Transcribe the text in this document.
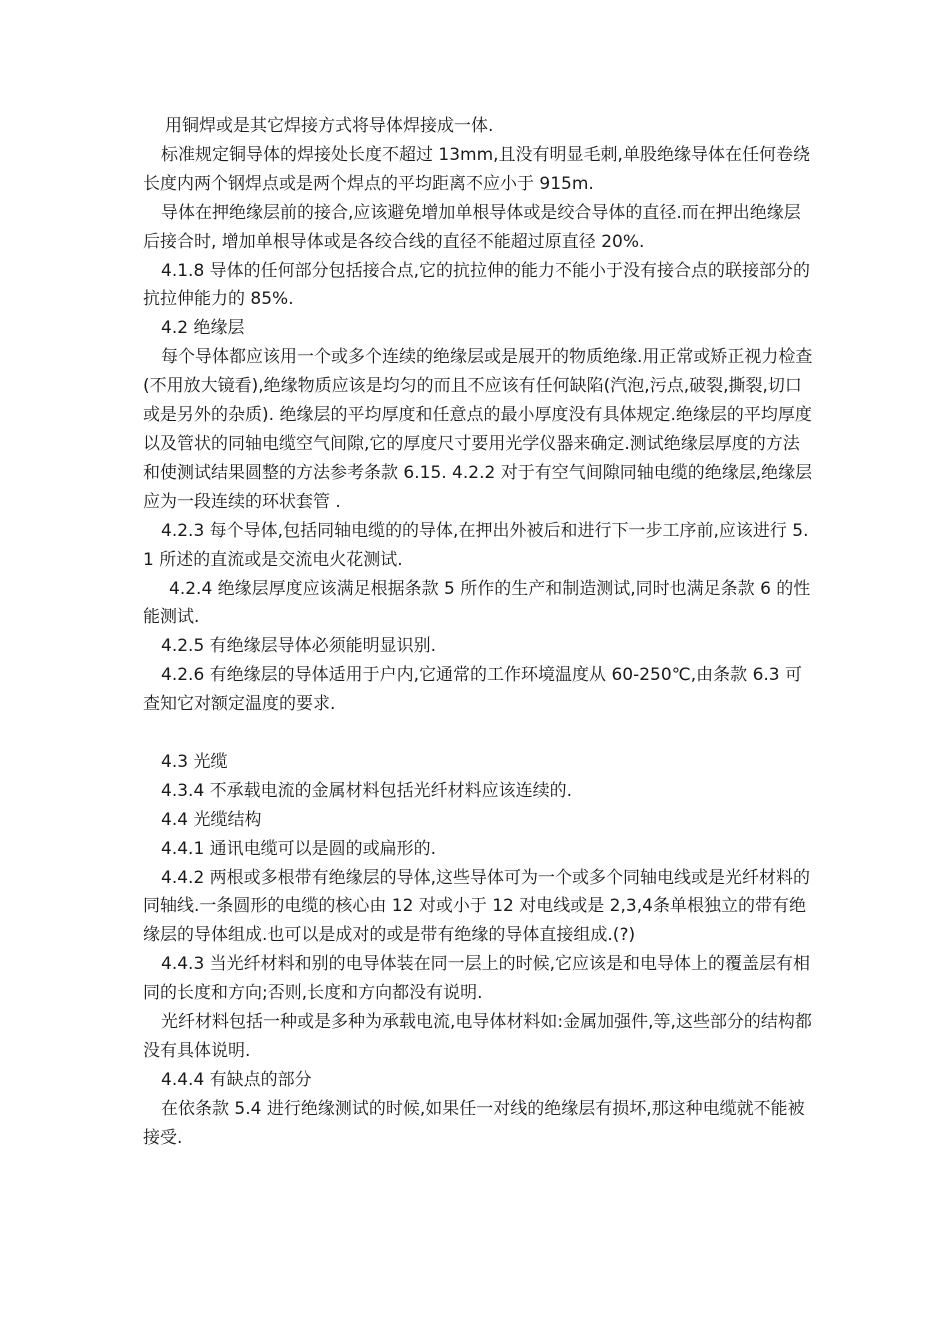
用铜焊或是其它焊接方式将导体焊接成一体.

标准规定铜导体的焊接处长度不超过 13mm,且没有明显毛刺,单股绝缘导体在任何卷绕长度内两个钢焊点或是两个焊点的平均距离不应小于 915m.

导体在押绝缘层前的接合,应该避免增加单根导体或是绞合导体的直径.而在押出绝缘层后接合时, 增加单根导体或是各绞合线的直径不能超过原直径 20%.

4.1.8 导体的任何部分包括接合点,它的抗拉伸的能力不能小于没有接合点的联接部分的抗拉伸能力的 85%.

4.2 绝缘层

每个导体都应该用一个或多个连续的绝缘层或是展开的物质绝缘.用正常或矫正视力检查(不用放大镜看),绝缘物质应该是均匀的而且不应该有任何缺陷(汽泡,污点,破裂,撕裂,切口或是另外的杂质). 绝缘层的平均厚度和任意点的最小厚度没有具体规定.绝缘层的平均厚度以及管状的同轴电缆空气间隙,它的厚度尺寸要用光学仪器来确定.测试绝缘层厚度的方法和使测试结果圆整的方法参考条款 6.15. 4.2.2 对于有空气间隙同轴电缆的绝缘层,绝缘层应为一段连续的环状套管 .

4.2.3 每个导体,包括同轴电缆的的导体,在押出外被后和进行下一步工序前,应该进行 5.1 所述的直流或是交流电火花测试.

4.2.4 绝缘层厚度应该满足根据条款 5 所作的生产和制造测试,同时也满足条款 6 的性能测试.

4.2.5 有绝缘层导体必须能明显识别.

4.2.6 有绝缘层的导体适用于户内,它通常的工作环境温度从 60-250℃,由条款 6.3 可查知它对额定温度的要求.

4.3 光缆

4.3.4 不承载电流的金属材料包括光纤材料应该连续的.

4.4 光缆结构

4.4.1 通讯电缆可以是圆的或扁形的.

4.4.2 两根或多根带有绝缘层的导体,这些导体可为一个或多个同轴电线或是光纤材料的同轴线.一条圆形的电缆的核心由 12 对或小于 12 对电线或是 2,3,4条单根独立的带有绝缘层的导体组成.也可以是成对的或是带有绝缘的导体直接组成.(?)

4.4.3 当光纤材料和别的电导体装在同一层上的时候,它应该是和电导体上的覆盖层有相同的长度和方向;否则,长度和方向都没有说明.

光纤材料包括一种或是多种为承载电流,电导体材料如:金属加强件,等,这些部分的结构都没有具体说明.

4.4.4 有缺点的部分

在依条款 5.4 进行绝缘测试的时候,如果任一对线的绝缘层有损坏,那这种电缆就不能被接受.
